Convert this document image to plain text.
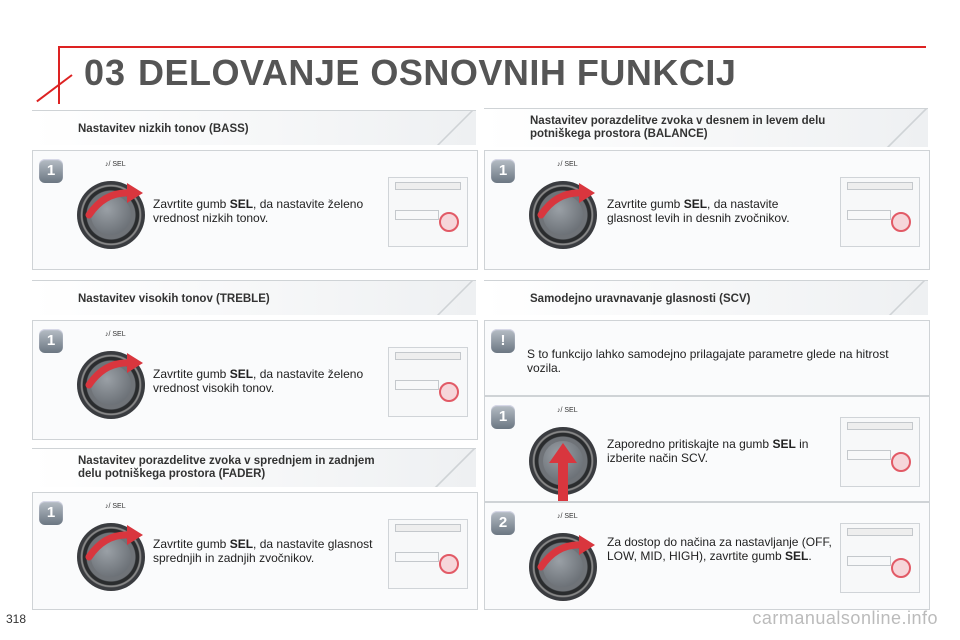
03 DELOVANJE OSNOVNIH FUNKCIJ
Nastavitev nizkih tonov (BASS)
1	♪/ SEL
Zavrtite gumb SEL, da nastavite želeno vrednost nizkih tonov.
Nastavitev visokih tonov (TREBLE)
1	♪/ SEL
Zavrtite gumb SEL, da nastavite želeno vrednost visokih tonov.
Nastavitev porazdelitve zvoka v sprednjem in zadnjem
delu potniškega prostora (FADER)
1	♪/ SEL
Zavrtite gumb SEL, da nastavite glasnost sprednjih in zadnjih zvočnikov.
Nastavitev porazdelitve zvoka v desnem in levem delu
potniškega prostora (BALANCE)
1	♪/ SEL
Zavrtite gumb SEL, da nastavite glasnost levih in desnih zvočnikov.
Samodejno uravnavanje glasnosti (SCV)
!
S to funkcijo lahko samodejno prilagajate parametre glede na hitrost vozila.
1	♪/ SEL
Zaporedno pritiskajte na gumb SEL in izberite način SCV.
2	♪/ SEL
Za dostop do načina za nastavljanje (OFF, LOW, MID, HIGH), zavrtite gumb SEL.
318	carmanualsonline.info
